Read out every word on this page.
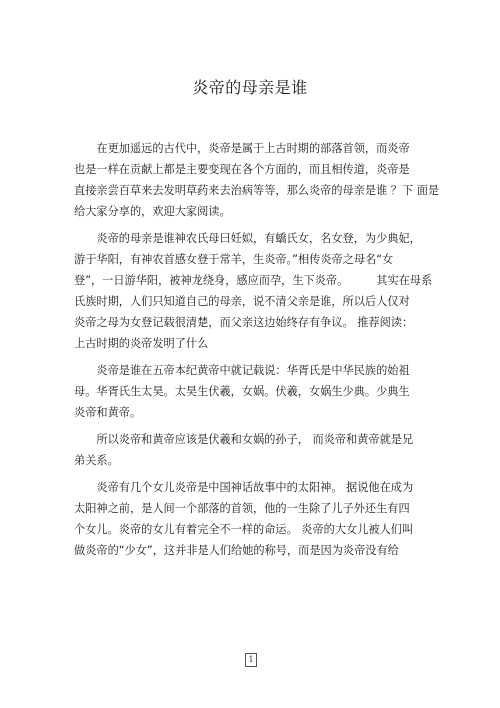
炎帝的母亲是谁
　　在更加遥远的古代中，炎帝是属于上古时期的部落首领，而炎帝
也是一样在贡献上都是主要变现在各个方面的，而且相传道，炎帝是
直接亲尝百草来去发明草药来去治病等等，那么炎帝的母亲是谁 ？下 面是
给大家分享的，欢迎大家阅读。
　　炎帝的母亲是谁神农氏母曰妊姒，有蟜氏女，名女登，为少典妃，
游于华阳，有神农首感女登于常羊，生炎帝。”相传炎帝之母名“女
登”，一日游华阳，被神龙绕身，感应而孕，生下炎帝。　　　其实在母系
氏族时期，人们只知道自己的母亲，说不清父亲是谁，所以后人仅对
炎帝之母为女登记载很清楚，而父亲这边始终存有争议。 推荐阅读：
上古时期的炎帝发明了什么
　　炎帝是谁在五帝本纪黄帝中就记载说：华胥氏是中华民族的始祖
母。华胥氏生太昊。太昊生伏羲，女娲。伏羲，女娲生少典。少典生
炎帝和黄帝。
　　所以炎帝和黄帝应该是伏羲和女娲的孙子， 而炎帝和黄帝就是兄
弟关系。
　　炎帝有几个女儿炎帝是中国神话故事中的太阳神。 据说他在成为
太阳神之前，是人间一个部落的首领，他的一生除了儿子外还生有四
个女儿。炎帝的女儿有着完全不一样的命运。 炎帝的大女儿被人们叫
做炎帝的“少女”，这并非是人们给她的称号，而是因为炎帝没有给
1
